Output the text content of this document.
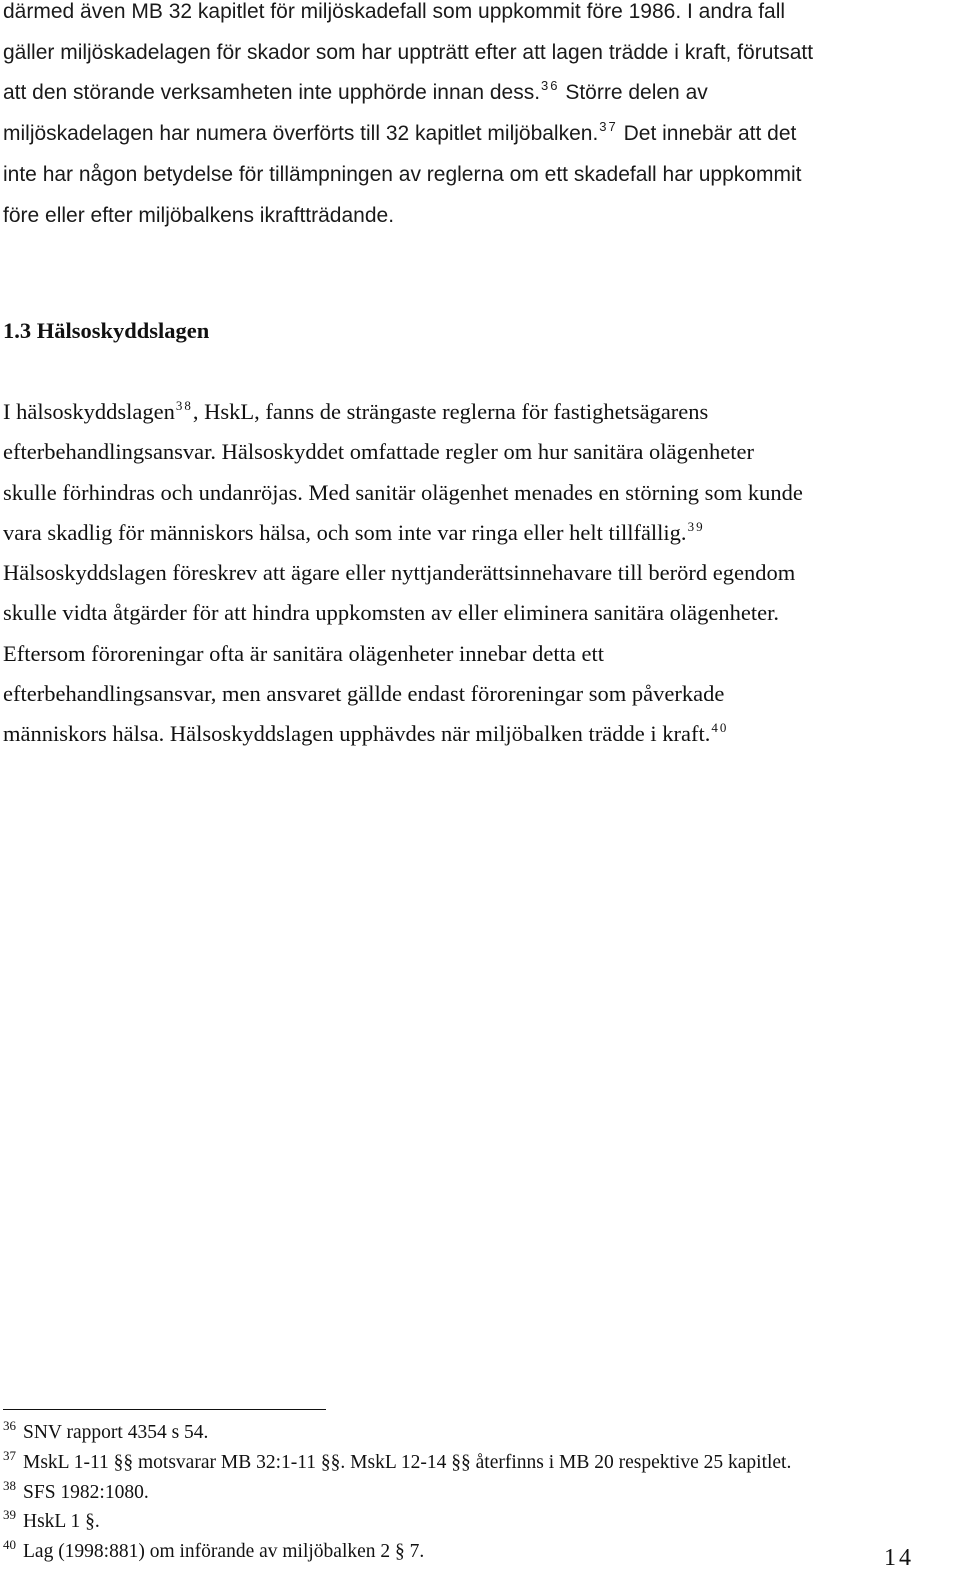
därmed även MB 32 kapitlet för miljöskadefall som uppkommit före 1986. I andra fall
gäller miljöskadelagen för skador som har uppträtt efter att lagen trädde i kraft, förutsatt
att den störande verksamheten inte upphörde innan dess.$^{36}$ Större delen av
miljöskadelagen har numera överförts till 32 kapitlet miljöbalken.$^{37}$ Det innebär att det
inte har någon betydelse för tillämpningen av reglerna om ett skadefall har uppkommit
före eller efter miljöbalkens ikraftträdande.

1.3 Hälsoskyddslagen

I hälsoskyddslagen$^{38}$, HskL, fanns de strängaste reglerna för fastighetsägarens
efterbehandlingsansvar. Hälsoskyddet omfattade regler om hur sanitära olägenheter
skulle förhindras och undanröjas. Med sanitär olägenhet menades en störning som kunde
vara skadlig för människors hälsa, och som inte var ringa eller helt tillfällig.$^{39}$
Hälsoskyddslagen föreskrev att ägare eller nyttjanderättsinnehavare till berörd egendom
skulle vidta åtgärder för att hindra uppkomsten av eller eliminera sanitära olägenheter.
Eftersom föroreningar ofta är sanitära olägenheter innebar detta ett
efterbehandlingsansvar, men ansvaret gällde endast föroreningar som påverkade
människors hälsa. Hälsoskyddslagen upphävdes när miljöbalken trädde i kraft.$^{40}$

36 SNV rapport 4354 s 54.
37 MskL 1-11 §§ motsvarar MB 32:1-11 §§. MskL 12-14 §§ återfinns i MB 20 respektive 25 kapitlet.
38 SFS 1982:1080.
39 HskL 1 §.
40 Lag (1998:881) om införande av miljöbalken 2 § 7.	14
